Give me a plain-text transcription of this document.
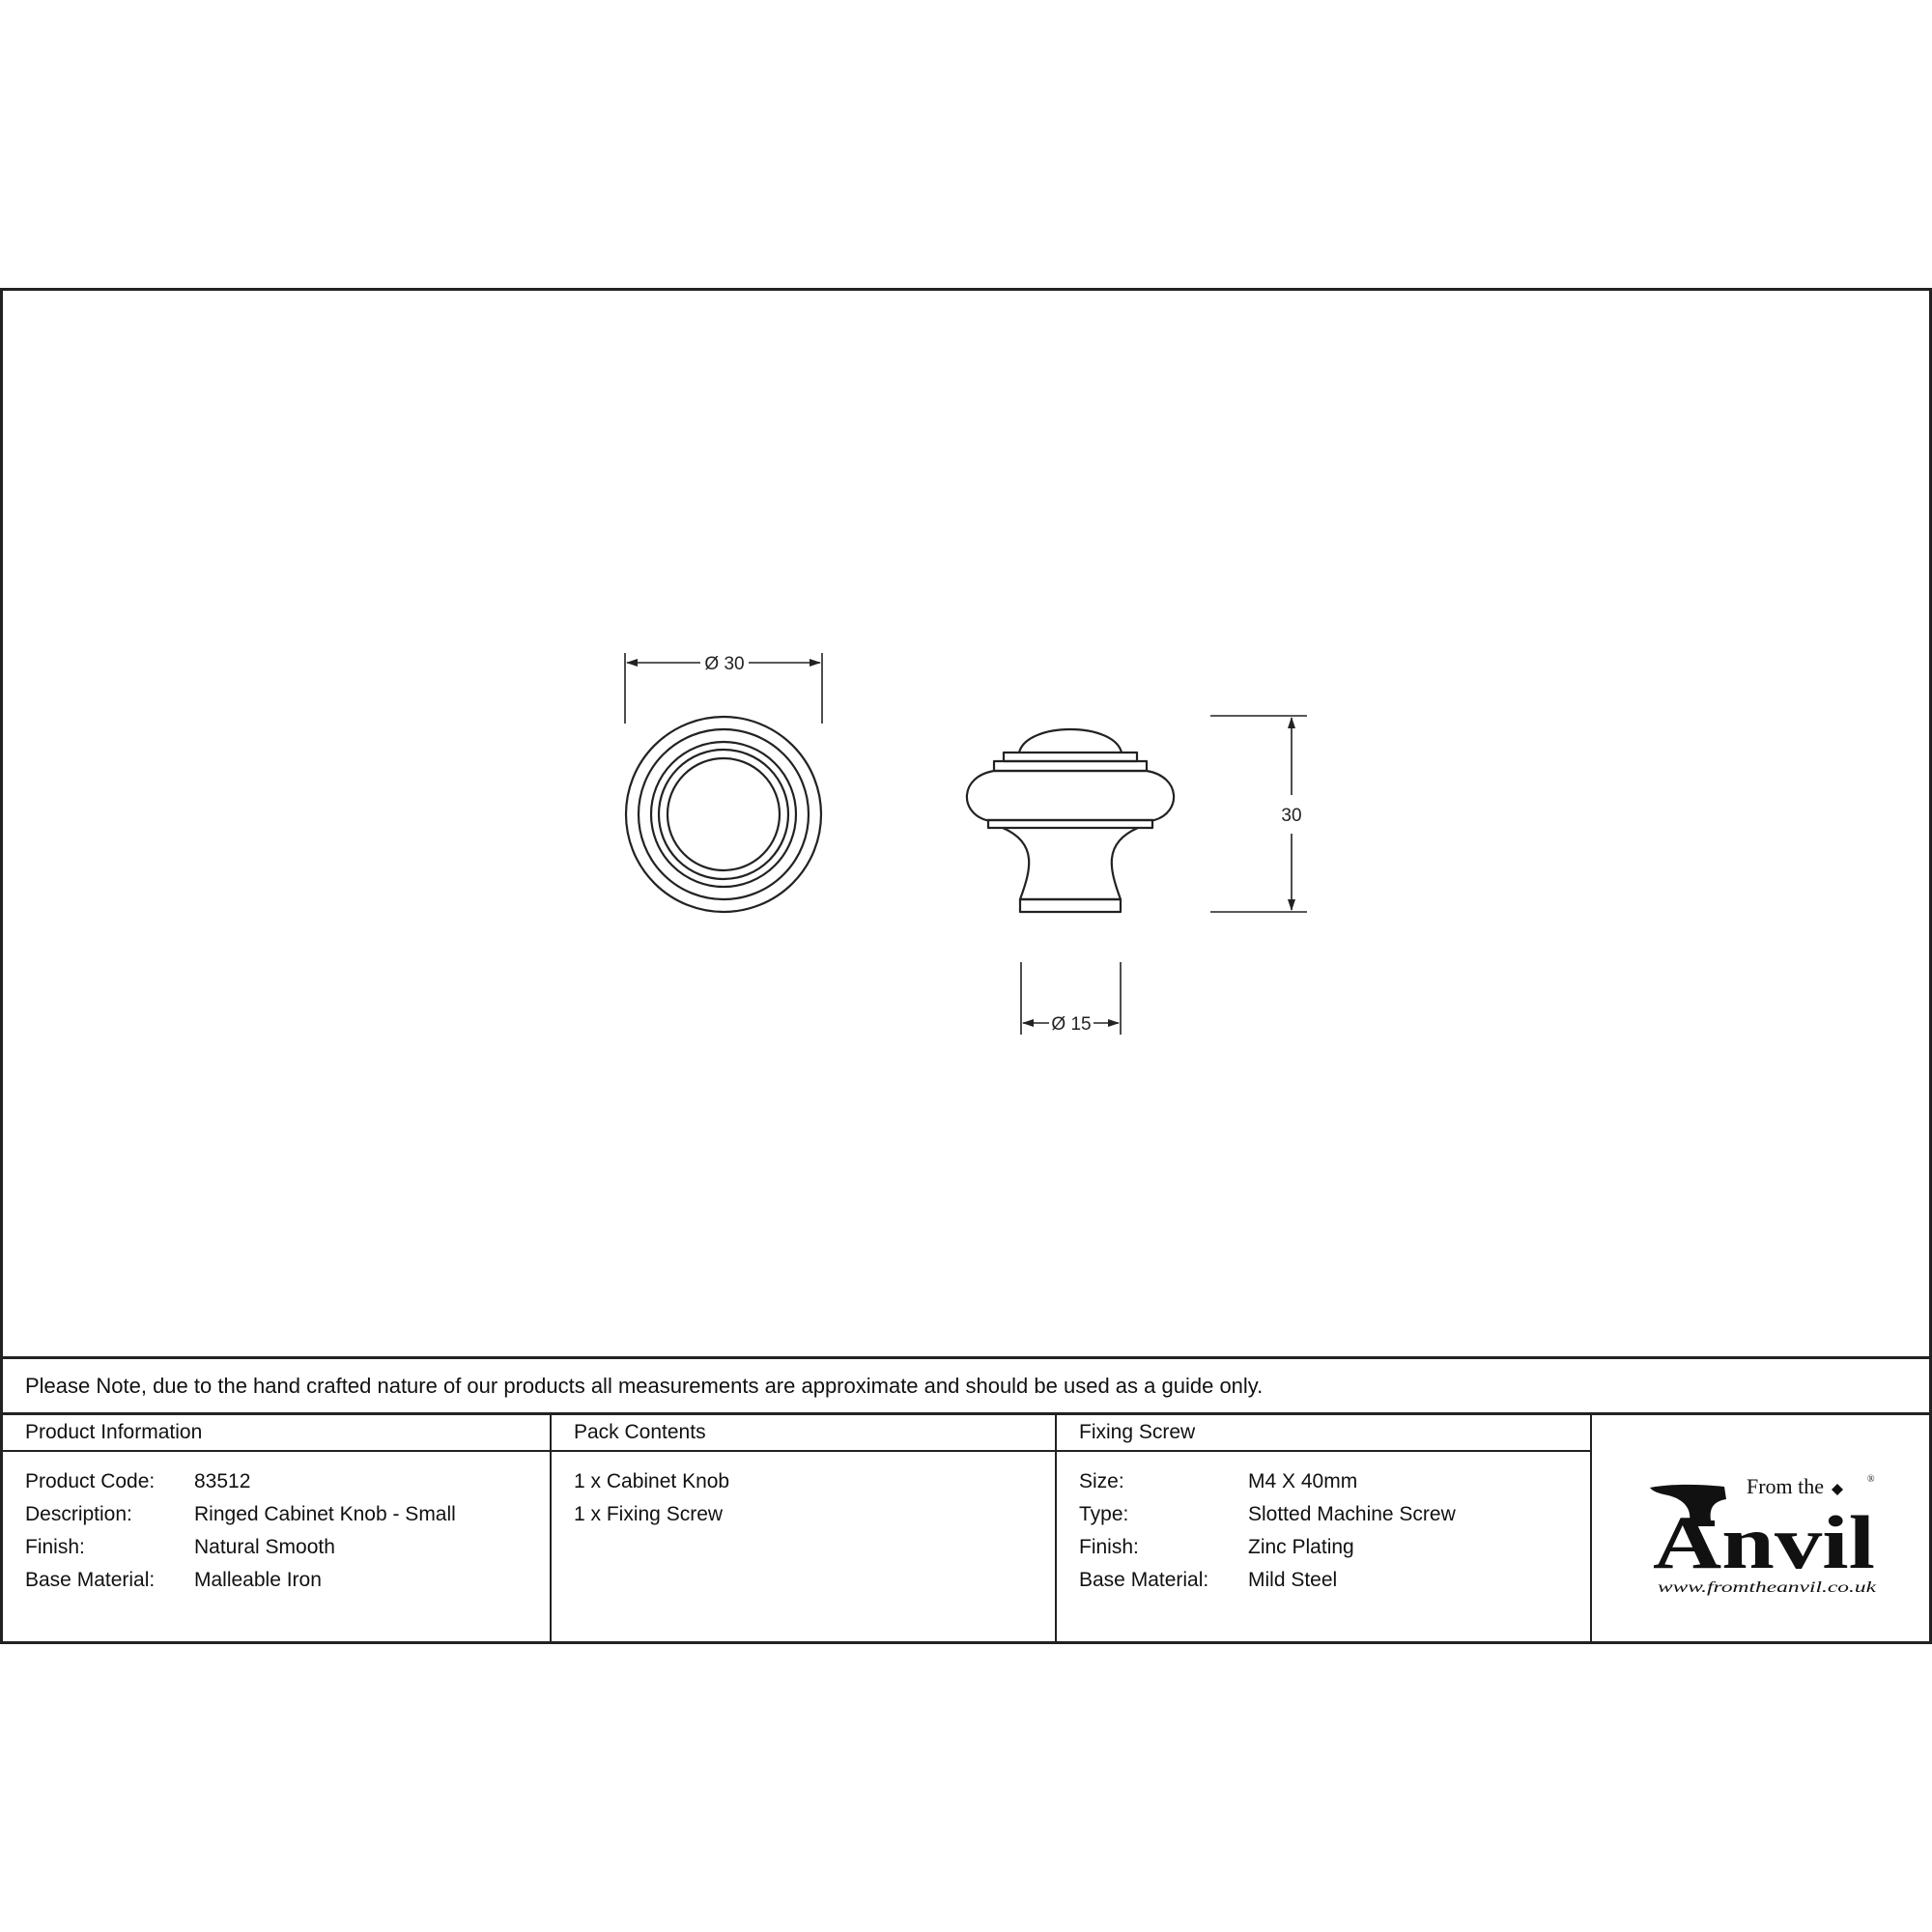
Ø 30
30
Ø 15
Please Note, due to the hand crafted nature of our products all measurements are approximate and should be used as a guide only.
Product Information
Product Code: 83512
Description:	Ringed Cabinet Knob - Small
Finish:	Natural Smooth
Base Material: Malleable Iron
Pack Contents
1 x Cabinet Knob
1 x Fixing Screw
Fixing Screw
Size:	M4 X 40mm
Type:	Slotted Machine Screw
Finish:	Zinc Plating
Base Material: Mild Steel
From the	®
Anvil
www.fromtheanvil.co.uk
